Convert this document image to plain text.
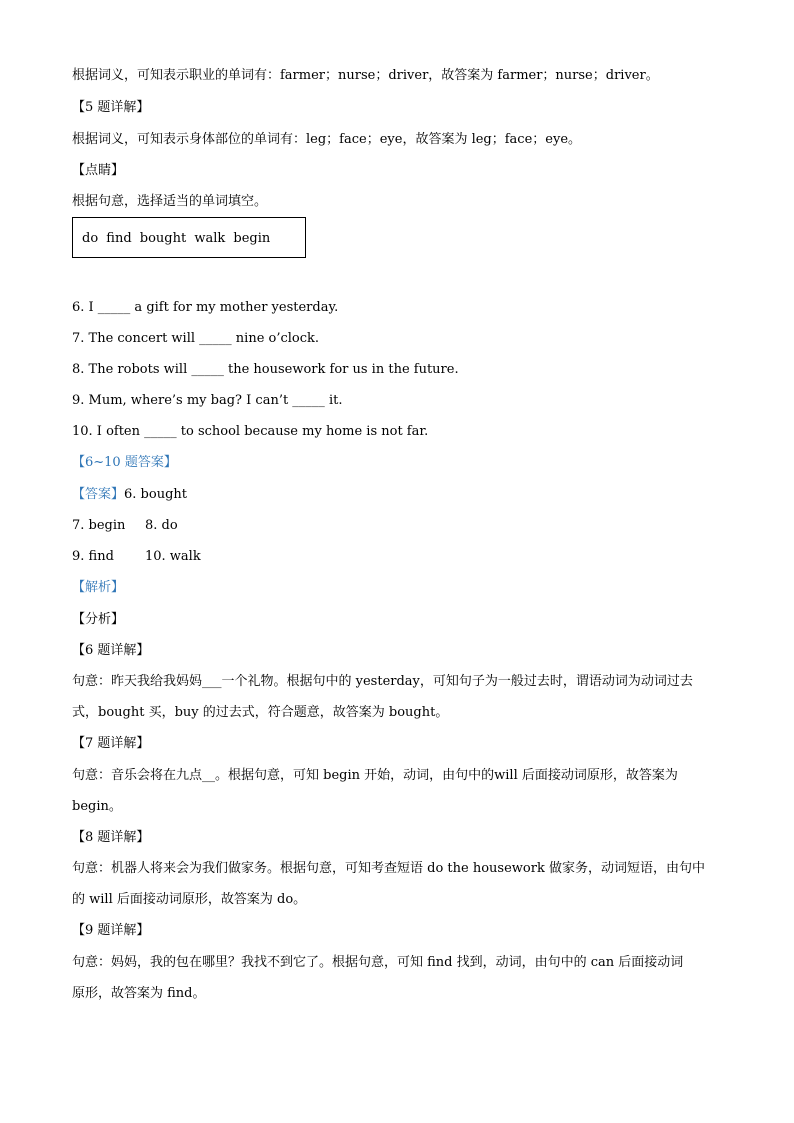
根据词义，可知表示职业的单词有：farmer；nurse；driver，故答案为 farmer；nurse；driver。
【5 题详解】
根据词义，可知表示身体部位的单词有：leg；face；eye，故答案为 leg；face；eye。
【点睛】
根据句意，选择适当的单词填空。
do find bought walk begin
6. I _____ a gift for my mother yesterday.
7. The concert will _____ nine o’clock.
8. The robots will _____ the housework for us in the future.
9. Mum, where’s my bag? I can’t _____ it.
10. I often _____ to school because my home is not far.
【6~10 题答案】
【答案】6. bought
7. begin 8. do
9. find 10. walk
【解析】
【分析】
【6 题详解】
句意：昨天我给我妈妈___一个礼物。根据句中的 yesterday，可知句子为一般过去时，谓语动词为动词过去
式，bought 买，buy 的过去式，符合题意，故答案为 bought。
【7 题详解】
句意：音乐会将在九点__。根据句意，可知 begin 开始，动词，由句中的will 后面接动词原形，故答案为
begin。
【8 题详解】
句意：机器人将来会为我们做家务。根据句意，可知考查短语 do the housework 做家务，动词短语，由句中
的 will 后面接动词原形，故答案为 do。
【9 题详解】
句意：妈妈，我的包在哪里？我找不到它了。根据句意，可知 find 找到，动词，由句中的 can 后面接动词
原形，故答案为 find。
